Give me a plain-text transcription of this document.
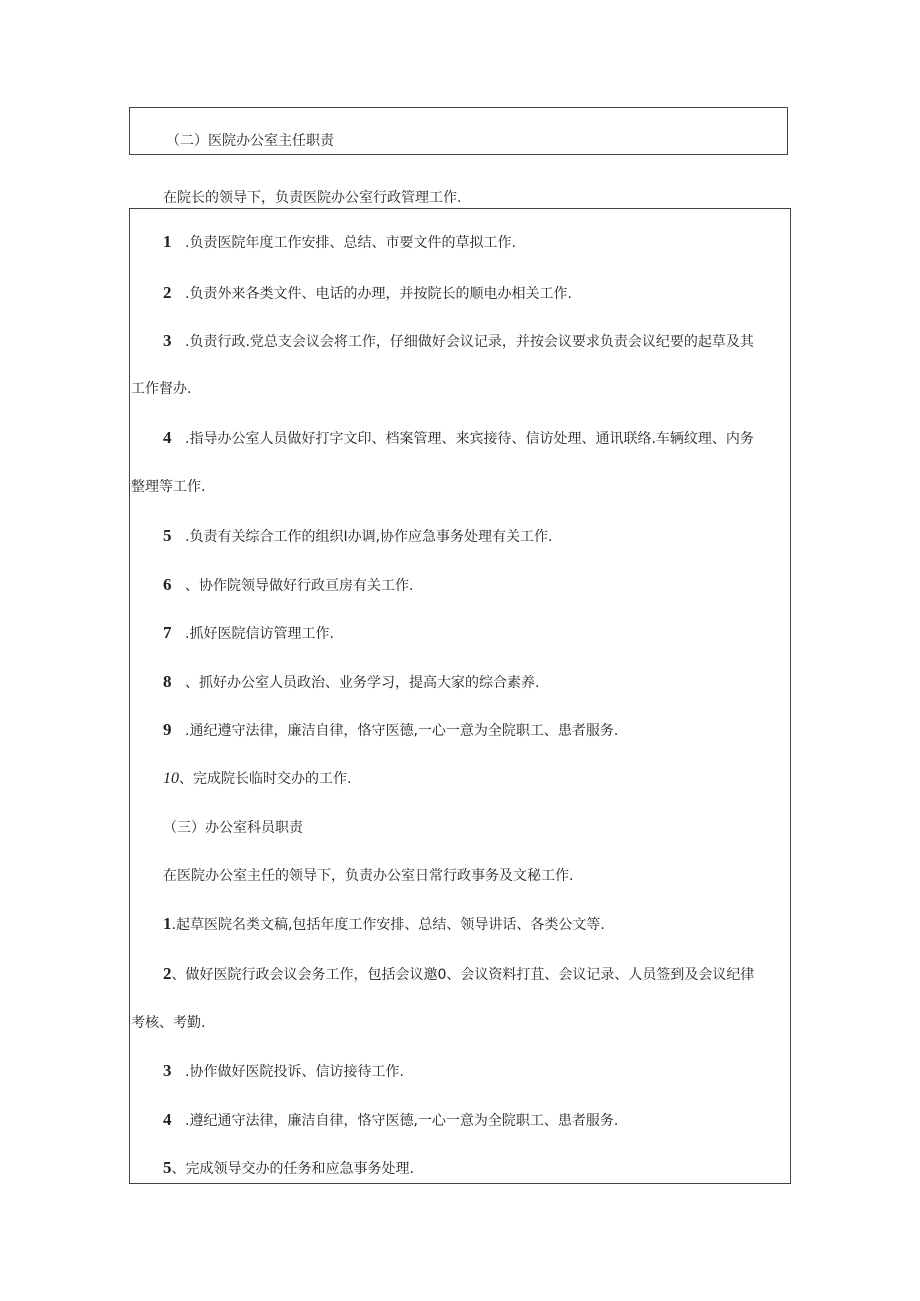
（二）医院办公室主任职责
在院长的领导下，负责医院办公室行政管理工作.
1 .负责医院年度工作安排、总结、市要文件的草拟工作.
2 .负责外来各类文件、电话的办理，并按院长的顺电办相关工作.
3 .负责行政.党总支会议会将工作，仔细做好会议记录，并按会议要求负责会议纪要的起草及其
工作督办.
4 .指导办公室人员做好打字文印、档案管理、来宾接待、信访处理、通讯联络.车辆纹理、内务
整理等工作.
5 .负责有关综合工作的组织I办调,协作应急事务处理有关工作.
6 、协作院领导做好行政亘房有关工作.
7 .抓好医院信访管理工作.
8 、抓好办公室人员政治、业务学习，提高大家的综合素养.
9 .通纪遵守法律，廉洁自律，恪守医德,一心一意为全院职工、患者服务.
10、完成院长临时交办的工作.
（三）办公室科员职责
在医院办公室主任的领导下，负责办公室日常行政事务及文秘工作.
1.起草医院名类文稿,包括年度工作安排、总结、领导讲话、各类公文等.
2、做好医院行政会议会务工作，包括会议邀0、会议资料打苴、会议记录、人员签到及会议纪律
考核、考勤.
3 .协作做好医院投诉、信访接待工作.
4 .遵纪通守法律，廉洁自律，恪守医德,一心一意为全院职工、患者服务.
5、完成领导交办的任务和应急事务处理.
